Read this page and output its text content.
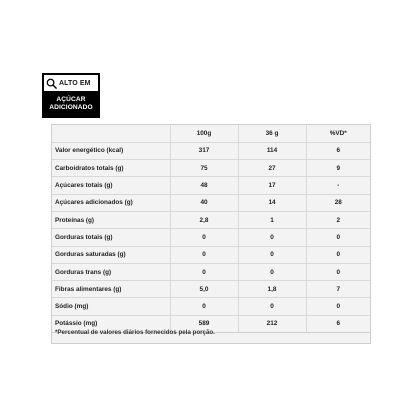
ALTO EM
AÇÚCAR
ADICIONADO
	100g	36 g	%VD*
Valor energético (kcal)	317	114	6
Carboidratos totais (g)	75	27	9
Açúcares totais (g)	48	17	-
Açúcares adicionados (g)	40	14	28
Proteínas (g)	2,8	1	2
Gorduras totais (g)	0	0	0
Gorduras saturadas (g)	0	0	0
Gorduras trans (g)	0	0	0
Fibras alimentares (g)	5,0	1,8	7
Sódio (mg)	0	0	0
Potássio (mg)	589	212	6
*Percentual de valores diários fornecidos pela porção.
